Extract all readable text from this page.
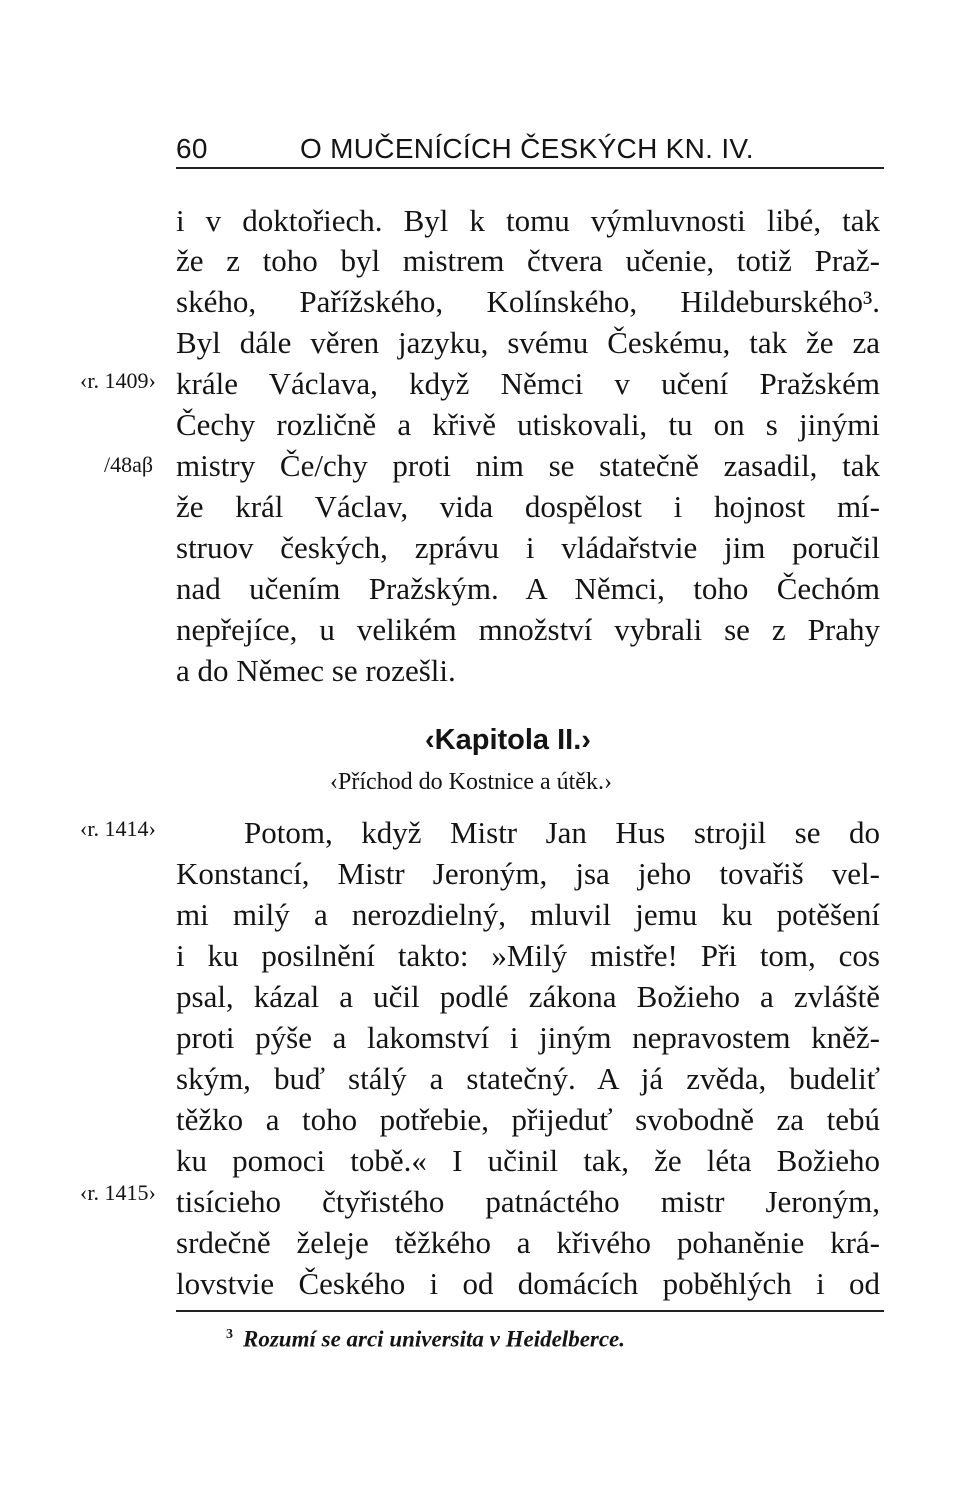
60	O MUČENÍCÍCH ČESKÝCH KN. IV.
‹r. 1409›
/48aβ
‹r. 1414›
‹r. 1415›
i v doktořiech. Byl k tomu výmluvnosti libé, tak
že z toho byl mistrem čtvera učenie, totiž Praž-
ského, Pařížského, Kolínského, Hildeburského³.
Byl dále věren jazyku, svému Českému, tak že za
krále Václava, když Němci v učení Pražském
Čechy rozličně a křivě utiskovali, tu on s jinými
mistry Če/chy proti nim se statečně zasadil, tak
že král Václav, vida dospělost i hojnost mí-
struov českých, zprávu i vládařstvie jim poručil
nad učením Pražským. A Němci, toho Čechóm
nepřejíce, u velikém množství vybrali se z Prahy
a do Němec se rozešli.
‹Kapitola II.›
‹Příchod do Kostnice a útěk.›
Potom, když Mistr Jan Hus strojil se do
Konstancí, Mistr Jeroným, jsa jeho tovařiš vel-
mi milý a nerozdielný, mluvil jemu ku potěšení
i ku posilnění takto: »Milý mistře! Při tom, cos
psal, kázal a učil podlé zákona Božieho a zvláště
proti pýše a lakomství i jiným nepravostem kněž-
ským, buď stálý a statečný. A já zvěda, budeliť
těžko a toho potřebie, přijeduť svobodně za tebú
ku pomoci tobě.« I učinil tak, že léta Božieho
tisícieho čtyřistého patnáctého mistr Jeroným,
srdečně želeje těžkého a křivého pohaněnie krá-
lovstvie Českého i od domácích poběhlých i od
$^3$ Rozumí se arci universita v Heidelberce.
